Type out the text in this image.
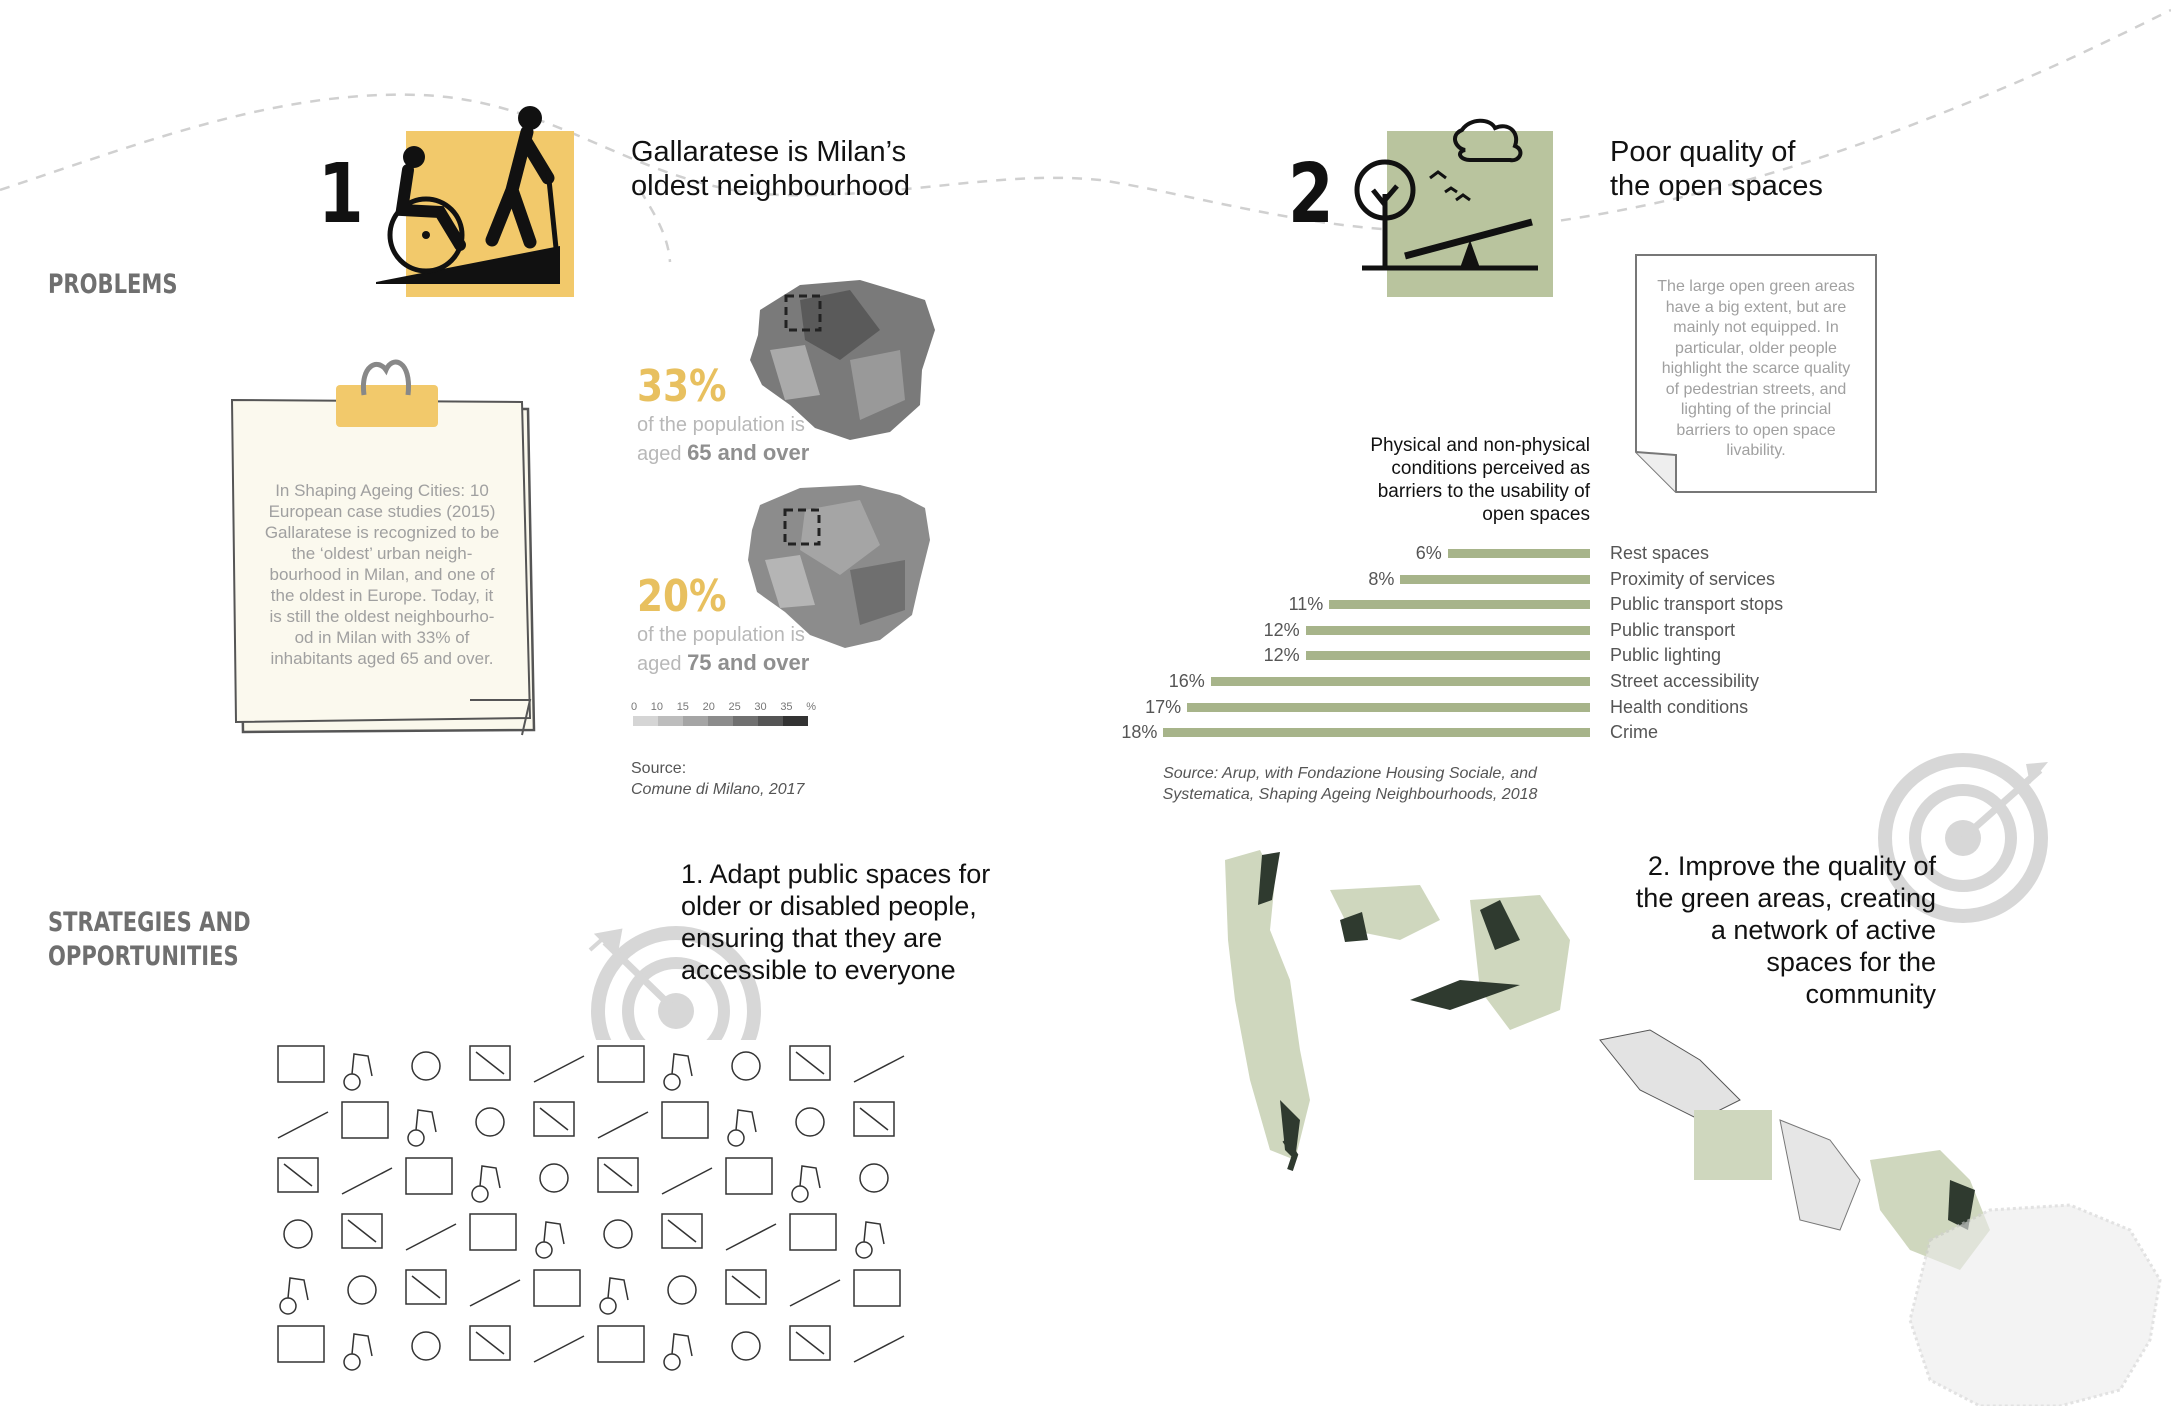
PROBLEMS
STRATEGIES AND
OPPORTUNITIES
1	Gallaratese is Milan’s
oldest neighbourhood
In Shaping Ageing Cities: 10
European case studies (2015)
Gallaratese is recognized to be
the ‘oldest’ urban neigh-
bourhood in Milan, and one of
the oldest in Europe. Today, it
is still the oldest neighbourho-
od in Milan with 33% of
inhabitants aged 65 and over.
33%
of the population is
aged 65 and over
20%
of the population is
aged 75 and over
0 10 15 20 25 30 35 %
Source:
Comune di Milano, 2017
2	Poor quality of
the open spaces
The large open green areas
have a big extent, but are
mainly not equipped. In
particular, older people
highlight the scarce quality
of pedestrian streets, and
lighting of the princial
barriers to open space
livability.
Physical and non-physical
conditions perceived as
barriers to the usability of
open spaces
6%	Rest spaces
8%	Proximity of services
11%	Public transport stops
12%	Public transport
12%	Public lighting
16%	Street accessibility
17%	Health conditions
18%	Crime
Source: Arup, with Fondazione Housing Sociale, and
Systematica, Shaping Ageing Neighbourhoods, 2018
1. Adapt public spaces for
older or disabled people,
ensuring that they are
accessible to everyone
2. Improve the quality of
the green areas, creating
a network of active
spaces for the
community
